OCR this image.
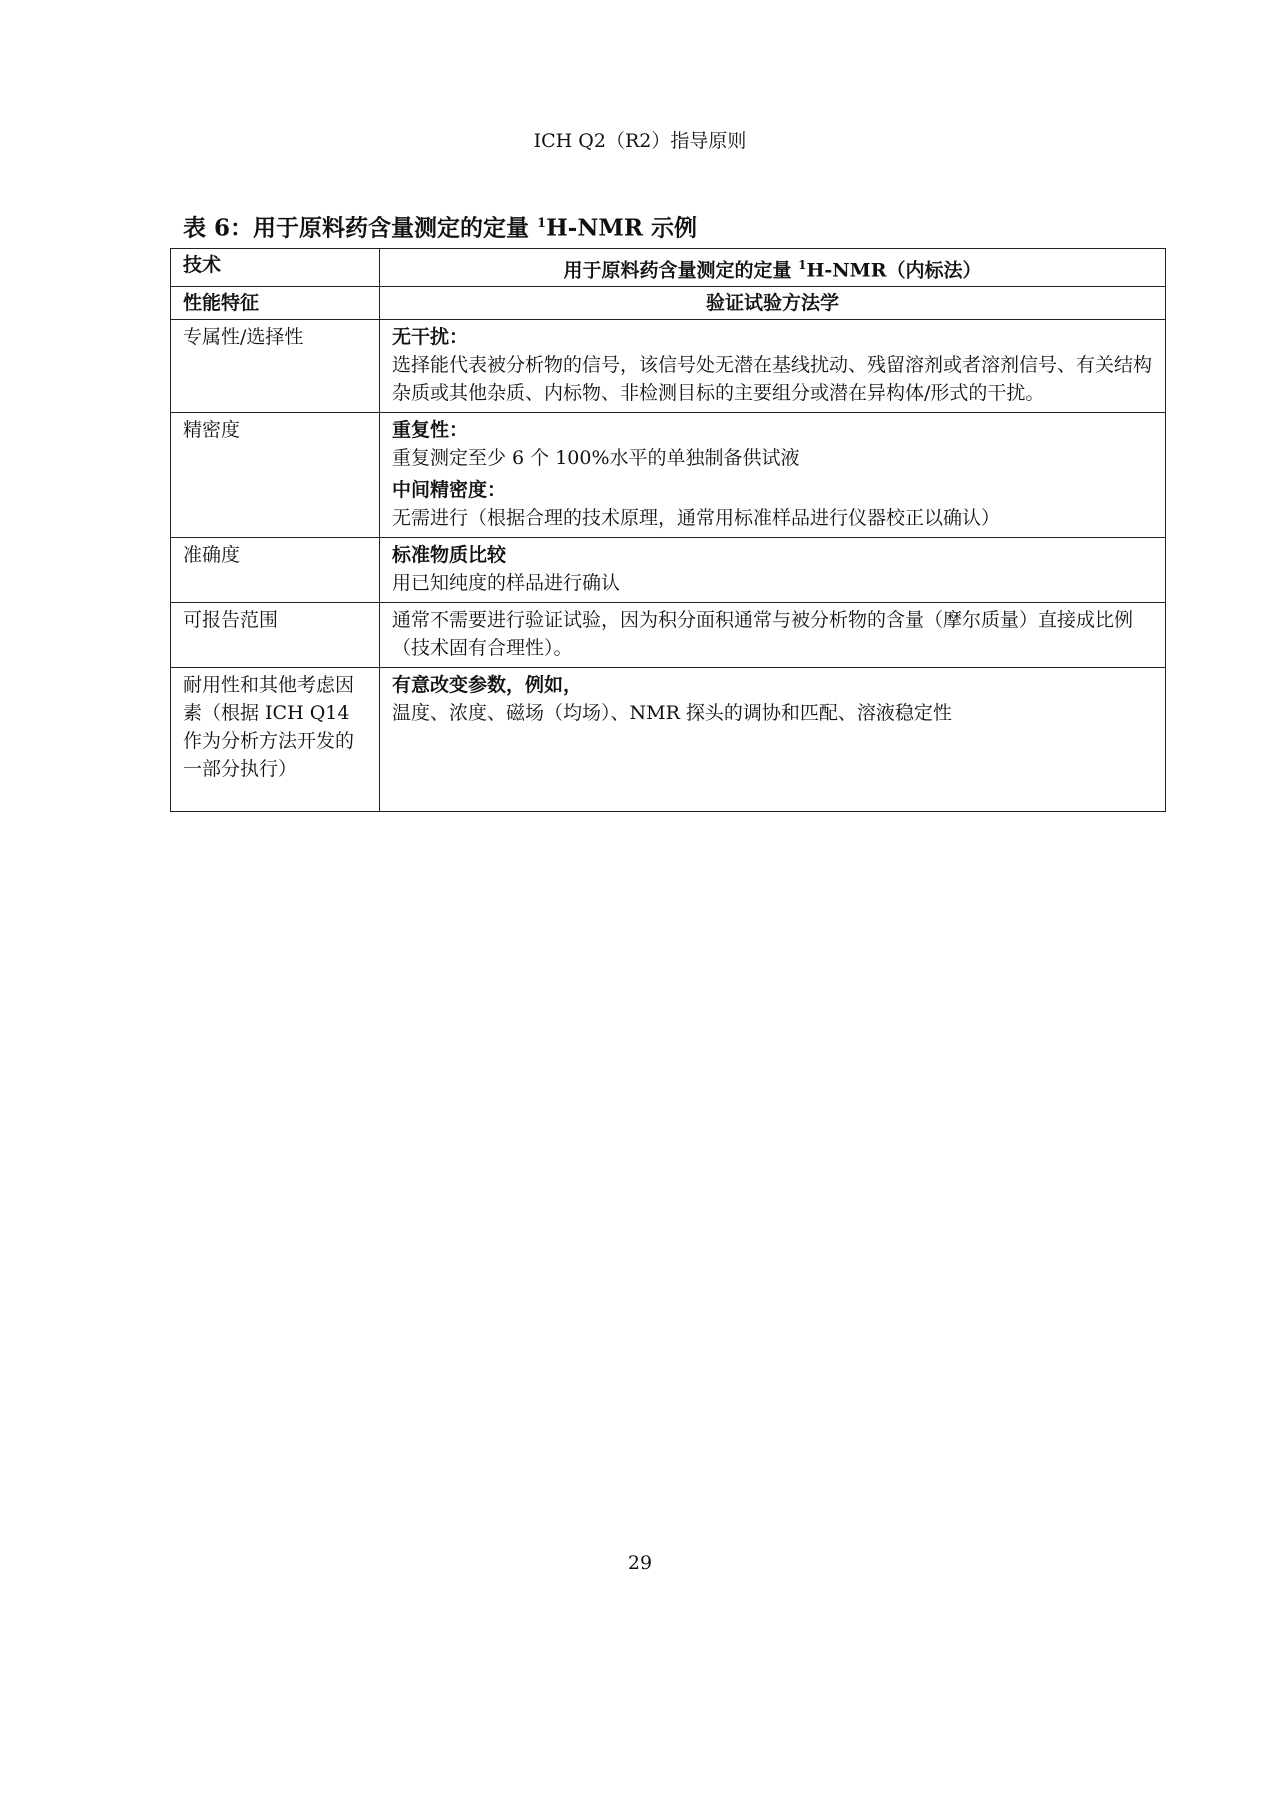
ICH Q2（R2）指导原则
表 6：用于原料药含量测定的定量 $^1$H-NMR 示例
技术	用于原料药含量测定的定量 $^1$H-NMR（内标法）
性能特征	验证试验方法学
专属性/选择性	无干扰：
选择能代表被分析物的信号，该信号处无潜在基线扰动、残留溶剂或者溶剂信号、有关结构杂质或其他杂质、内标物、非检测目标的主要组分或潜在异构体/形式的干扰。

精密度	重复性：
重复测定至少 6 个 100%水平的单独制备供试液
中间精密度：
无需进行（根据合理的技术原理，通常用标准样品进行仪器校正以确认）

准确度	标准物质比较
用已知纯度的样品进行确认

可报告范围	通常不需要进行验证试验，因为积分面积通常与被分析物的含量（摩尔质量）直接成比例（技术固有合理性）。

耐用性和其他考虑因素（根据 ICH Q14 作为分析方法开发的一部分执行）	有意改变参数，例如，
温度、浓度、磁场（均场）、NMR 探头的调协和匹配、溶液稳定性
29
